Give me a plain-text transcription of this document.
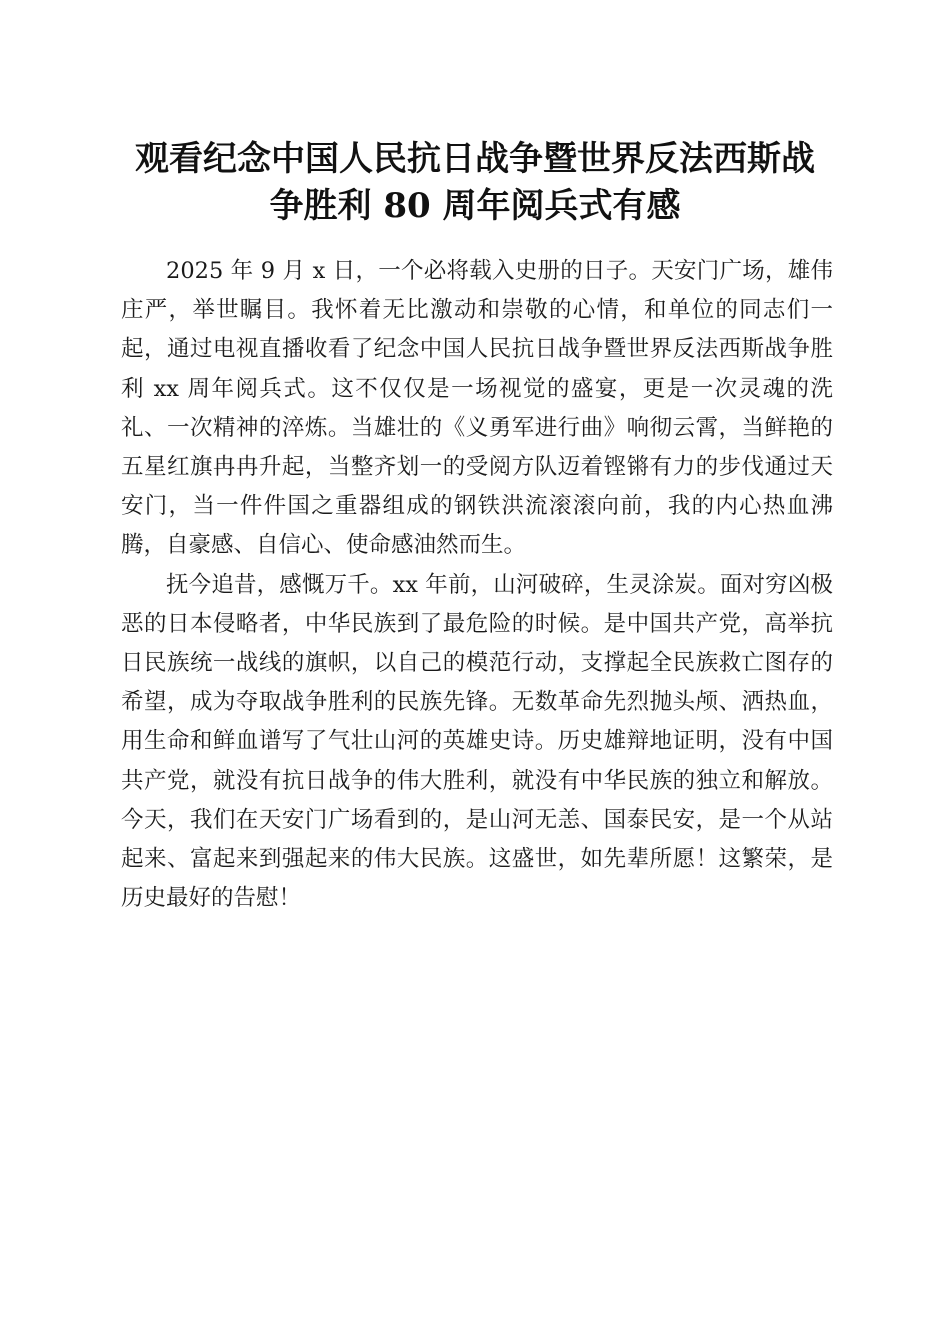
观看纪念中国人民抗日战争暨世界反法西斯战
争胜利 80 周年阅兵式有感

2025 年 9 月 x 日，一个必将载入史册的日子。天安门广场，雄伟庄严，举世瞩目。我怀着无比激动和崇敬的心情，和单位的同志们一起，通过电视直播收看了纪念中国人民抗日战争暨世界反法西斯战争胜利 xx 周年阅兵式。这不仅仅是一场视觉的盛宴，更是一次灵魂的洗礼、一次精神的淬炼。当雄壮的《义勇军进行曲》响彻云霄，当鲜艳的五星红旗冉冉升起，当整齐划一的受阅方队迈着铿锵有力的步伐通过天安门，当一件件国之重器组成的钢铁洪流滚滚向前，我的内心热血沸腾，自豪感、自信心、使命感油然而生。

抚今追昔，感慨万千。xx 年前，山河破碎，生灵涂炭。面对穷凶极恶的日本侵略者，中华民族到了最危险的时候。是中国共产党，高举抗日民族统一战线的旗帜，以自己的模范行动，支撑起全民族救亡图存的希望，成为夺取战争胜利的民族先锋。无数革命先烈抛头颅、洒热血，用生命和鲜血谱写了气壮山河的英雄史诗。历史雄辩地证明，没有中国共产党，就没有抗日战争的伟大胜利，就没有中华民族的独立和解放。今天，我们在天安门广场看到的，是山河无恙、国泰民安，是一个从站起来、富起来到强起来的伟大民族。这盛世，如先辈所愿！这繁荣，是历史最好的告慰！
